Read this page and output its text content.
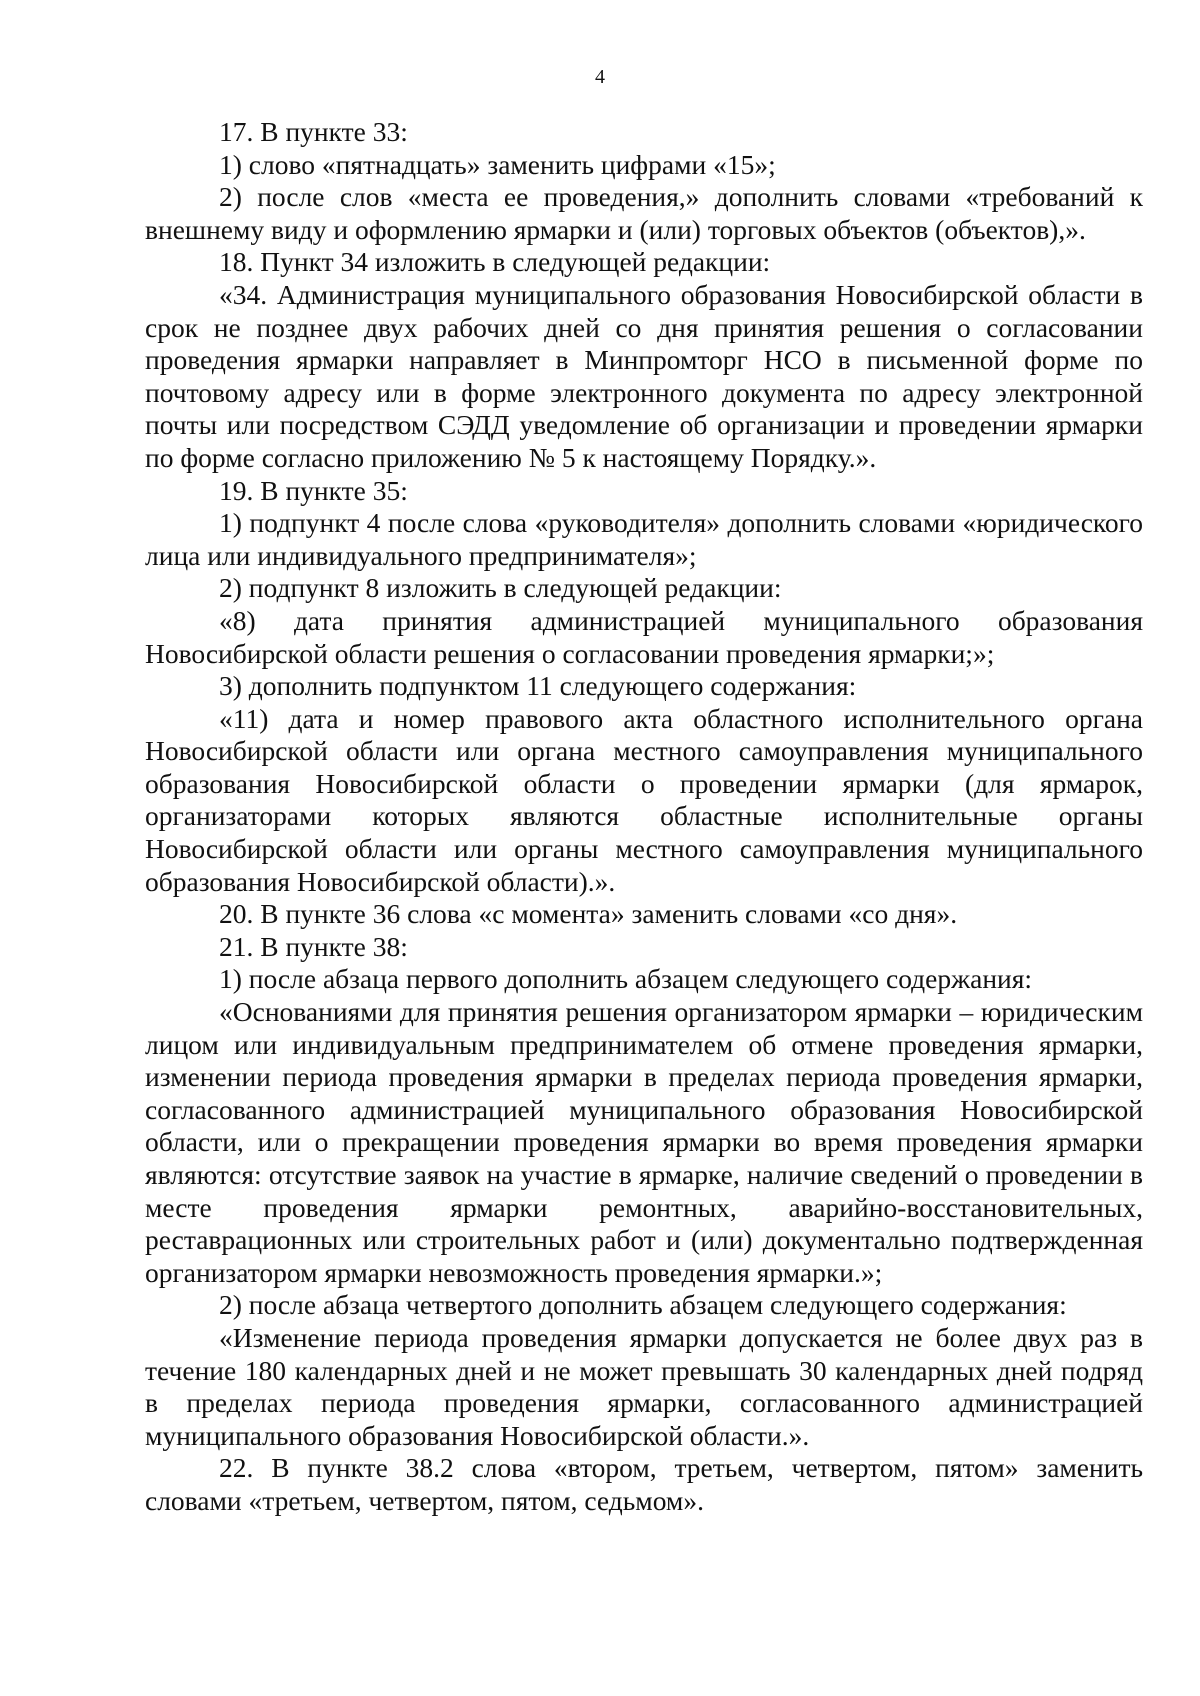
4

17. В пункте 33:

1) слово «пятнадцать» заменить цифрами «15»;

2) после слов «места ее проведения,» дополнить словами «требований к внешнему виду и оформлению ярмарки и (или) торговых объектов (объектов),».

18. Пункт 34 изложить в следующей редакции:

«34. Администрация муниципального образования Новосибирской области в срок не позднее двух рабочих дней со дня принятия решения о согласовании проведения ярмарки направляет в Минпромторг НСО в письменной форме по почтовому адресу или в форме электронного документа по адресу электронной почты или посредством СЭДД уведомление об организации и проведении ярмарки по форме согласно приложению № 5 к настоящему Порядку.».

19. В пункте 35:

1) подпункт 4 после слова «руководителя» дополнить словами «юридического лица или индивидуального предпринимателя»;

2) подпункт 8 изложить в следующей редакции:

«8) дата принятия администрацией муниципального образования Новосибирской области решения о согласовании проведения ярмарки;»;

3) дополнить подпунктом 11 следующего содержания:

«11) дата и номер правового акта областного исполнительного органа Новосибирской области или органа местного самоуправления муниципального образования Новосибирской области о проведении ярмарки (для ярмарок, организаторами которых являются областные исполнительные органы Новосибирской области или органы местного самоуправления муниципального образования Новосибирской области).».

20. В пункте 36 слова «с момента» заменить словами «со дня».

21. В пункте 38:

1) после абзаца первого дополнить абзацем следующего содержания:

«Основаниями для принятия решения организатором ярмарки – юридическим лицом или индивидуальным предпринимателем об отмене проведения ярмарки, изменении периода проведения ярмарки в пределах периода проведения ярмарки, согласованного администрацией муниципального образования Новосибирской области, или о прекращении проведения ярмарки во время проведения ярмарки являются: отсутствие заявок на участие в ярмарке, наличие сведений о проведении в месте проведения ярмарки ремонтных, аварийно-восстановительных, реставрационных или строительных работ и (или) документально подтвержденная организатором ярмарки невозможность проведения ярмарки.»;

2) после абзаца четвертого дополнить абзацем следующего содержания:

«Изменение периода проведения ярмарки допускается не более двух раз в течение 180 календарных дней и не может превышать 30 календарных дней подряд в пределах периода проведения ярмарки, согласованного администрацией муниципального образования Новосибирской области.».

22. В пункте 38.2 слова «втором, третьем, четвертом, пятом» заменить словами «третьем, четвертом, пятом, седьмом».
